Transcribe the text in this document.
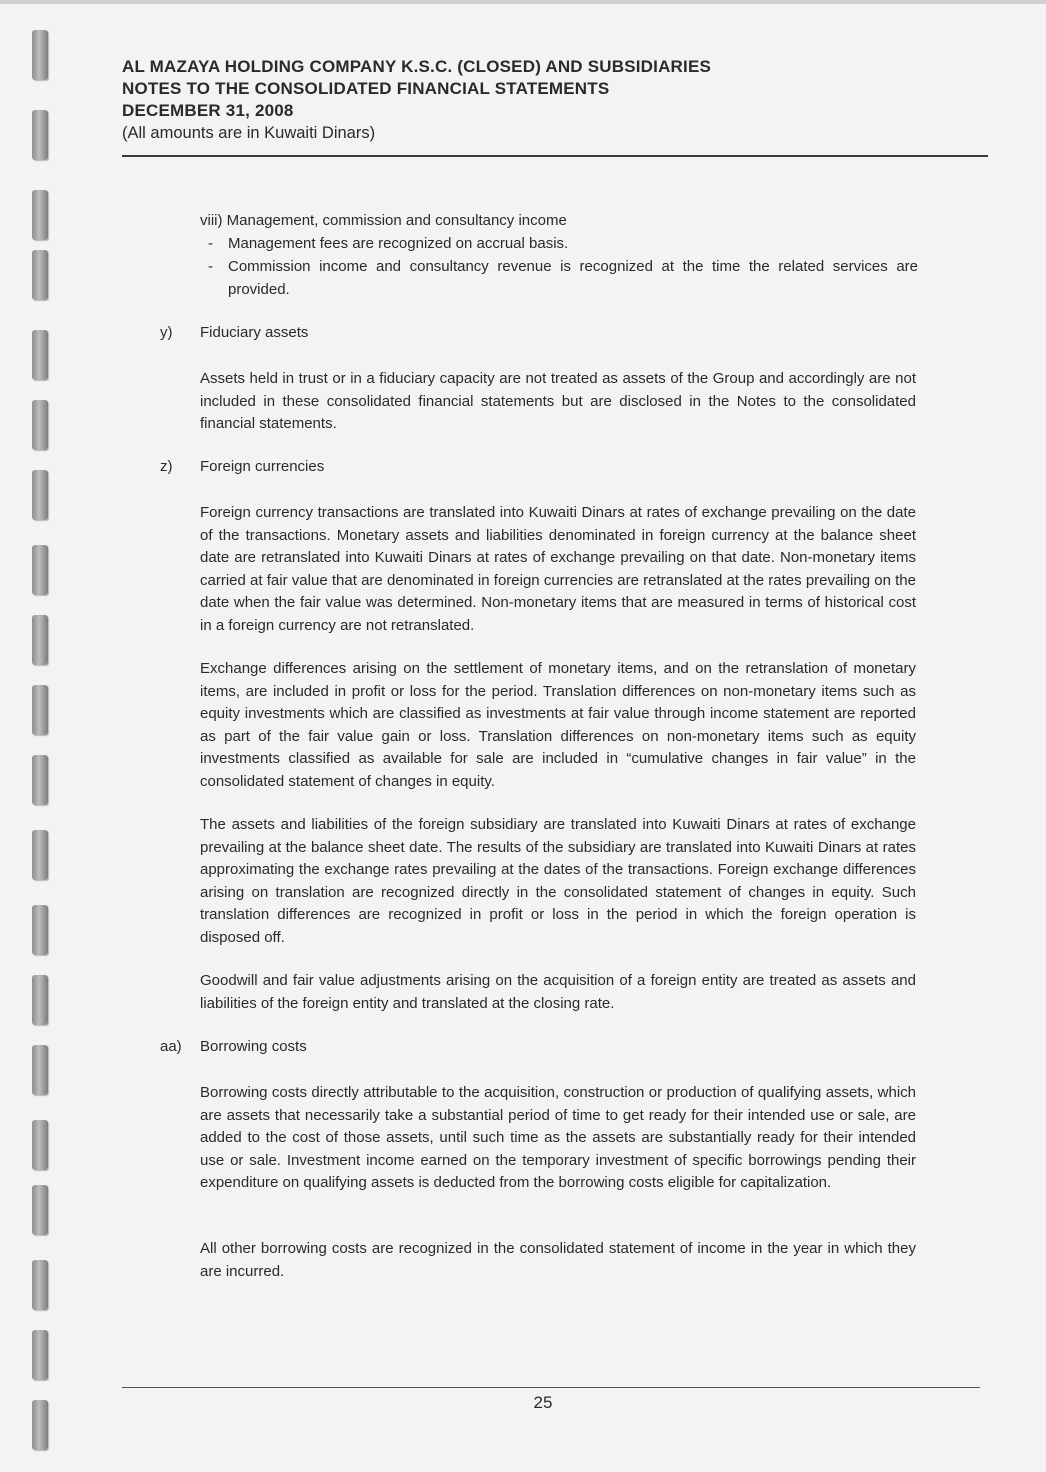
AL MAZAYA HOLDING COMPANY K.S.C. (CLOSED) AND SUBSIDIARIES
NOTES TO THE CONSOLIDATED FINANCIAL STATEMENTS
DECEMBER 31, 2008
(All amounts are in Kuwaiti Dinars)
viii) Management, commission and consultancy income
- Management fees are recognized on accrual basis.
- Commission income and consultancy revenue is recognized at the time the related services are provided.
y) Fiduciary assets
Assets held in trust or in a fiduciary capacity are not treated as assets of the Group and accordingly are not included in these consolidated financial statements but are disclosed in the Notes to the consolidated financial statements.
z) Foreign currencies
Foreign currency transactions are translated into Kuwaiti Dinars at rates of exchange prevailing on the date of the transactions. Monetary assets and liabilities denominated in foreign currency at the balance sheet date are retranslated into Kuwaiti Dinars at rates of exchange prevailing on that date. Non-monetary items carried at fair value that are denominated in foreign currencies are retranslated at the rates prevailing on the date when the fair value was determined. Non-monetary items that are measured in terms of historical cost in a foreign currency are not retranslated.
Exchange differences arising on the settlement of monetary items, and on the retranslation of monetary items, are included in profit or loss for the period. Translation differences on non-monetary items such as equity investments which are classified as investments at fair value through income statement are reported as part of the fair value gain or loss. Translation differences on non-monetary items such as equity investments classified as available for sale are included in “cumulative changes in fair value” in the consolidated statement of changes in equity.
The assets and liabilities of the foreign subsidiary are translated into Kuwaiti Dinars at rates of exchange prevailing at the balance sheet date. The results of the subsidiary are translated into Kuwaiti Dinars at rates approximating the exchange rates prevailing at the dates of the transactions. Foreign exchange differences arising on translation are recognized directly in the consolidated statement of changes in equity. Such translation differences are recognized in profit or loss in the period in which the foreign operation is disposed off.
Goodwill and fair value adjustments arising on the acquisition of a foreign entity are treated as assets and liabilities of the foreign entity and translated at the closing rate.
aa) Borrowing costs
Borrowing costs directly attributable to the acquisition, construction or production of qualifying assets, which are assets that necessarily take a substantial period of time to get ready for their intended use or sale, are added to the cost of those assets, until such time as the assets are substantially ready for their intended use or sale. Investment income earned on the temporary investment of specific borrowings pending their expenditure on qualifying assets is deducted from the borrowing costs eligible for capitalization.
All other borrowing costs are recognized in the consolidated statement of income in the year in which they are incurred.
25
